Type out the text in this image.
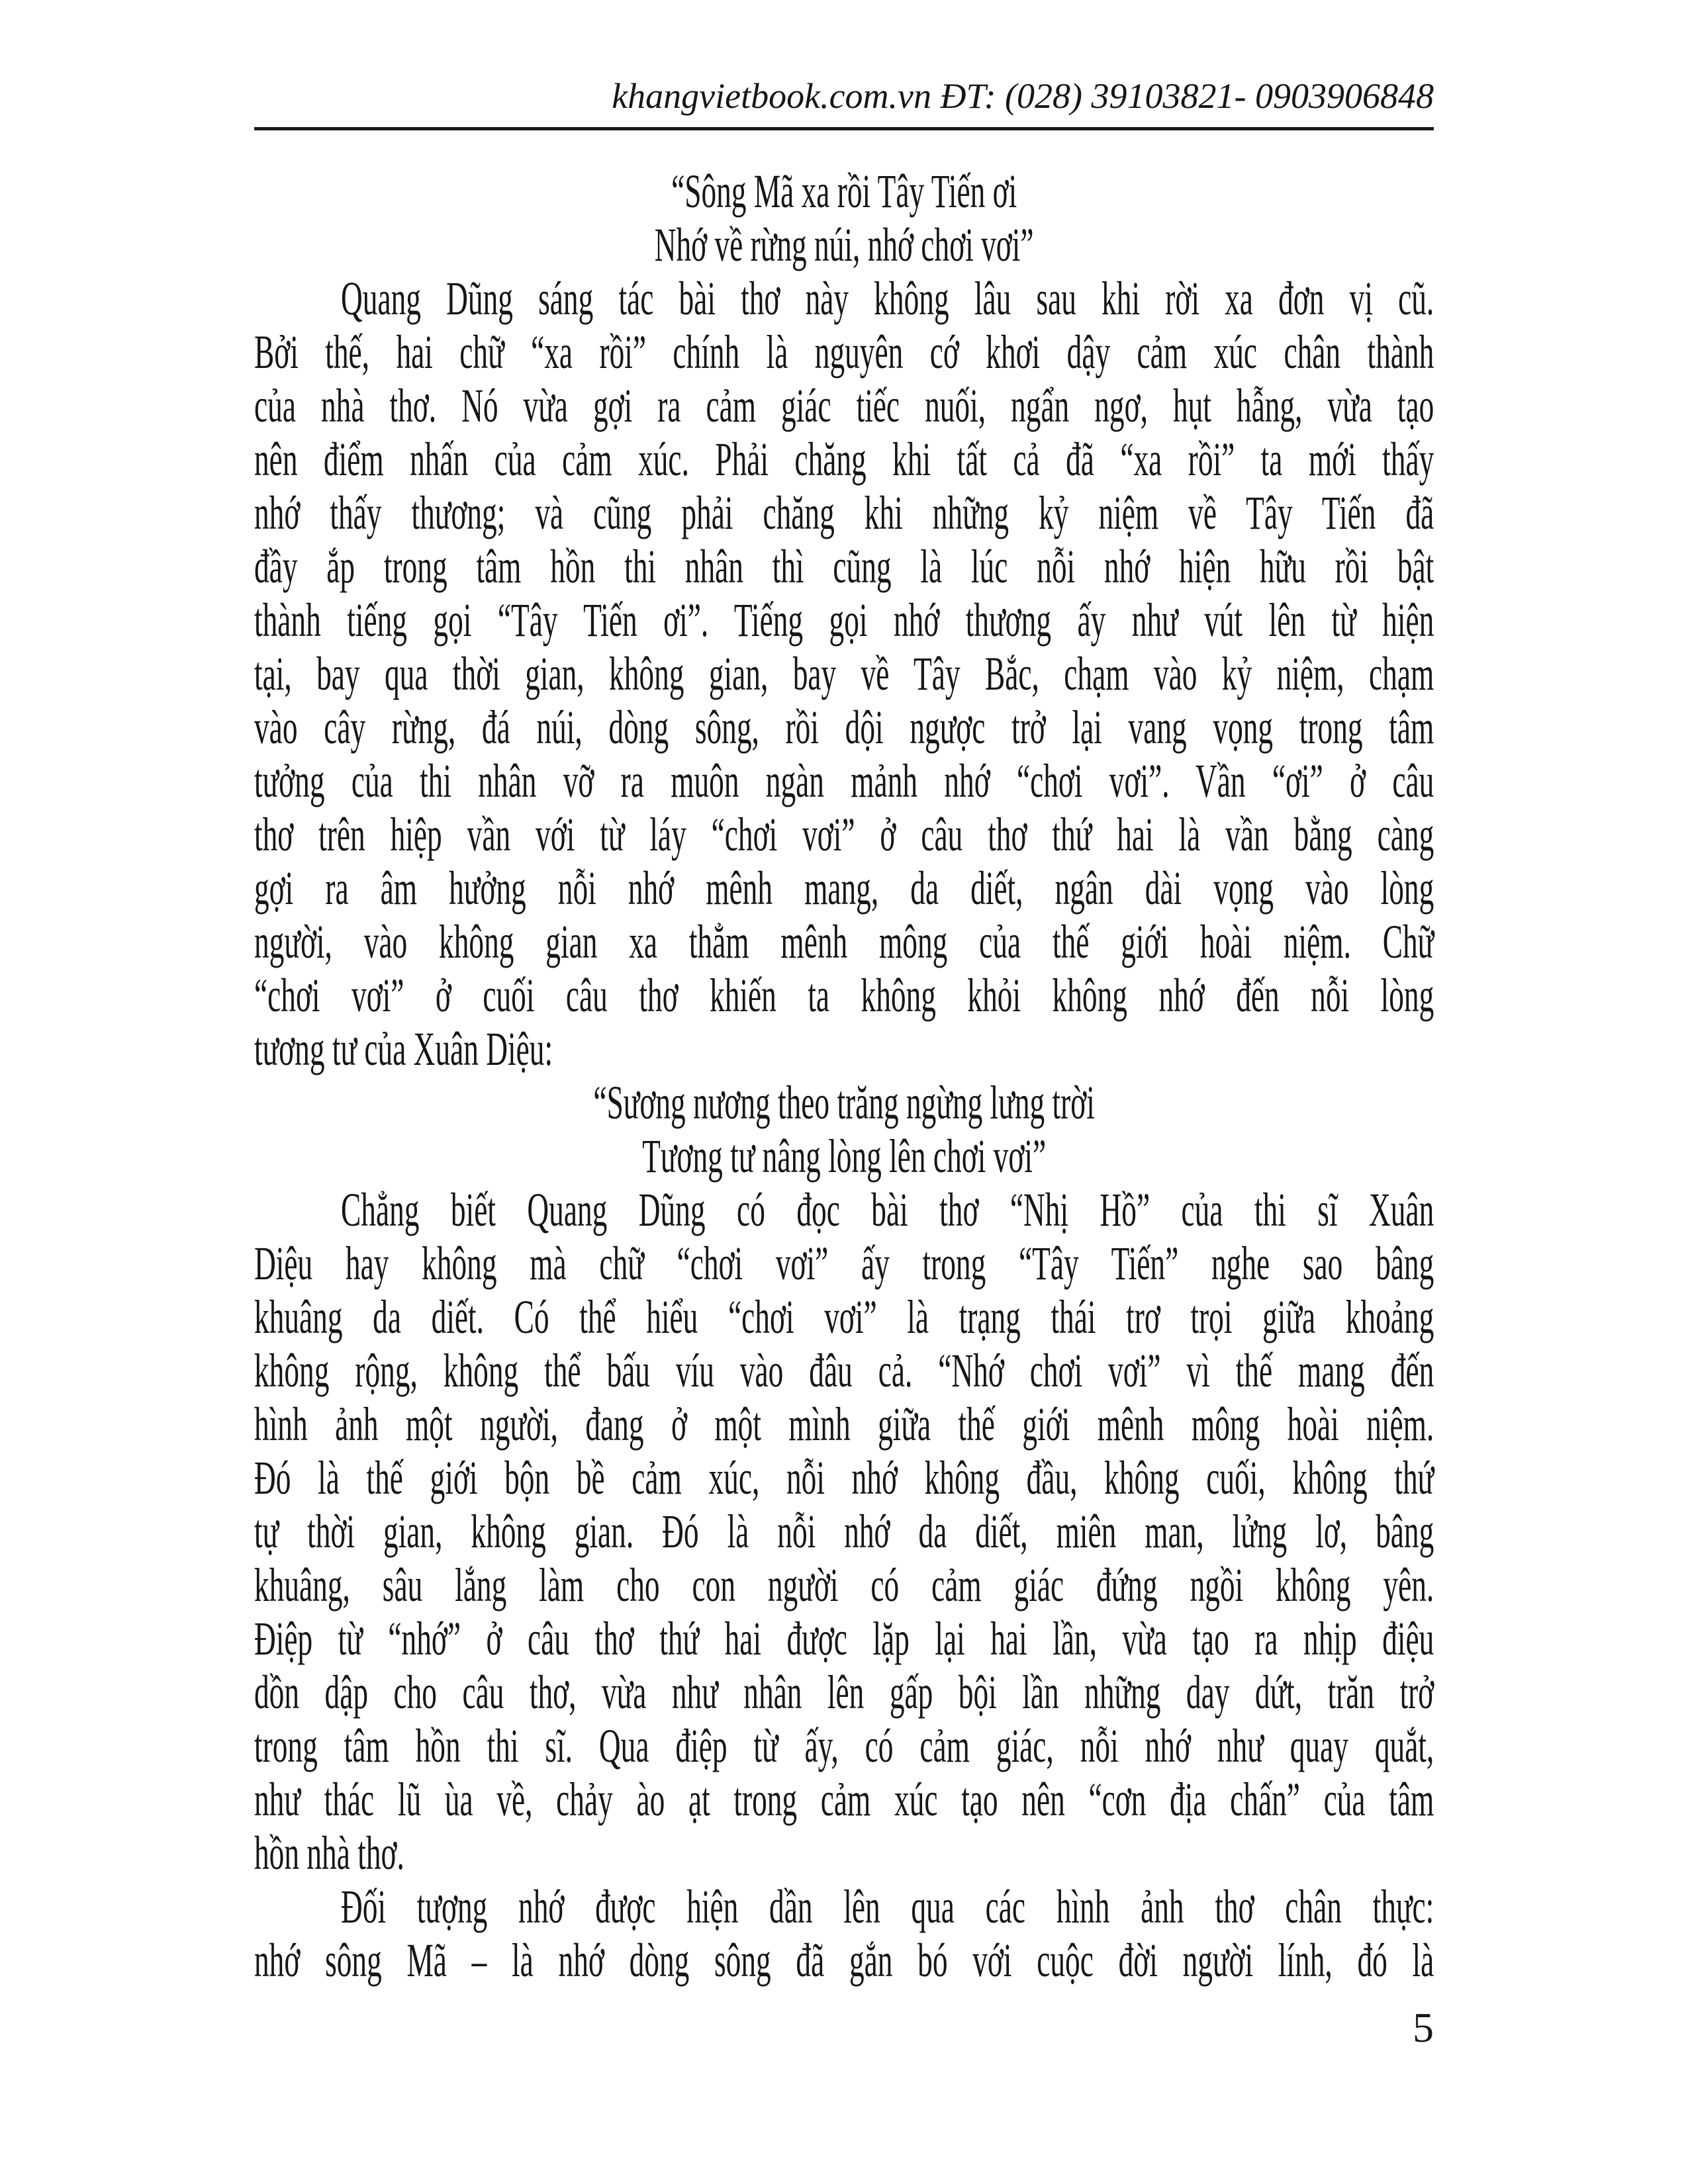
khangvietbook.com.vn ĐT: (028) 39103821- 0903906848
“Sông Mã xa rồi Tây Tiến ơi
Nhớ về rừng núi, nhớ chơi vơi”
Quang Dũng sáng tác bài thơ này không lâu sau khi rời xa đơn vị cũ.
Bởi thế, hai chữ “xa rồi” chính là nguyên cớ khơi dậy cảm xúc chân thành
của nhà thơ. Nó vừa gợi ra cảm giác tiếc nuối, ngẩn ngơ, hụt hẫng, vừa tạo
nên điểm nhấn của cảm xúc. Phải chăng khi tất cả đã “xa rồi” ta mới thấy
nhớ thấy thương; và cũng phải chăng khi những kỷ niệm về Tây Tiến đã
đầy ắp trong tâm hồn thi nhân thì cũng là lúc nỗi nhớ hiện hữu rồi bật
thành tiếng gọi “Tây Tiến ơi”. Tiếng gọi nhớ thương ấy như vút lên từ hiện
tại, bay qua thời gian, không gian, bay về Tây Bắc, chạm vào kỷ niệm, chạm
vào cây rừng, đá núi, dòng sông, rồi dội ngược trở lại vang vọng trong tâm
tưởng của thi nhân vỡ ra muôn ngàn mảnh nhớ “chơi vơi”. Vần “ơi” ở câu
thơ trên hiệp vần với từ láy “chơi vơi” ở câu thơ thứ hai là vần bằng càng
gợi ra âm hưởng nỗi nhớ mênh mang, da diết, ngân dài vọng vào lòng
người, vào không gian xa thẳm mênh mông của thế giới hoài niệm. Chữ
“chơi vơi” ở cuối câu thơ khiến ta không khỏi không nhớ đến nỗi lòng
tương tư của Xuân Diệu:
“Sương nương theo trăng ngừng lưng trời
Tương tư nâng lòng lên chơi vơi”
Chẳng biết Quang Dũng có đọc bài thơ “Nhị Hồ” của thi sĩ Xuân
Diệu hay không mà chữ “chơi vơi” ấy trong “Tây Tiến” nghe sao bâng
khuâng da diết. Có thể hiểu “chơi vơi” là trạng thái trơ trọi giữa khoảng
không rộng, không thể bấu víu vào đâu cả. “Nhớ chơi vơi” vì thế mang đến
hình ảnh một người, đang ở một mình giữa thế giới mênh mông hoài niệm.
Đó là thế giới bộn bề cảm xúc, nỗi nhớ không đầu, không cuối, không thứ
tự thời gian, không gian. Đó là nỗi nhớ da diết, miên man, lửng lơ, bâng
khuâng, sâu lắng làm cho con người có cảm giác đứng ngồi không yên.
Điệp từ “nhớ” ở câu thơ thứ hai được lặp lại hai lần, vừa tạo ra nhịp điệu
dồn dập cho câu thơ, vừa như nhân lên gấp bội lần những day dứt, trăn trở
trong tâm hồn thi sĩ. Qua điệp từ ấy, có cảm giác, nỗi nhớ như quay quắt,
như thác lũ ùa về, chảy ào ạt trong cảm xúc tạo nên “cơn địa chấn” của tâm
hồn nhà thơ.
Đối tượng nhớ được hiện dần lên qua các hình ảnh thơ chân thực:
nhớ sông Mã – là nhớ dòng sông đã gắn bó với cuộc đời người lính, đó là
5
